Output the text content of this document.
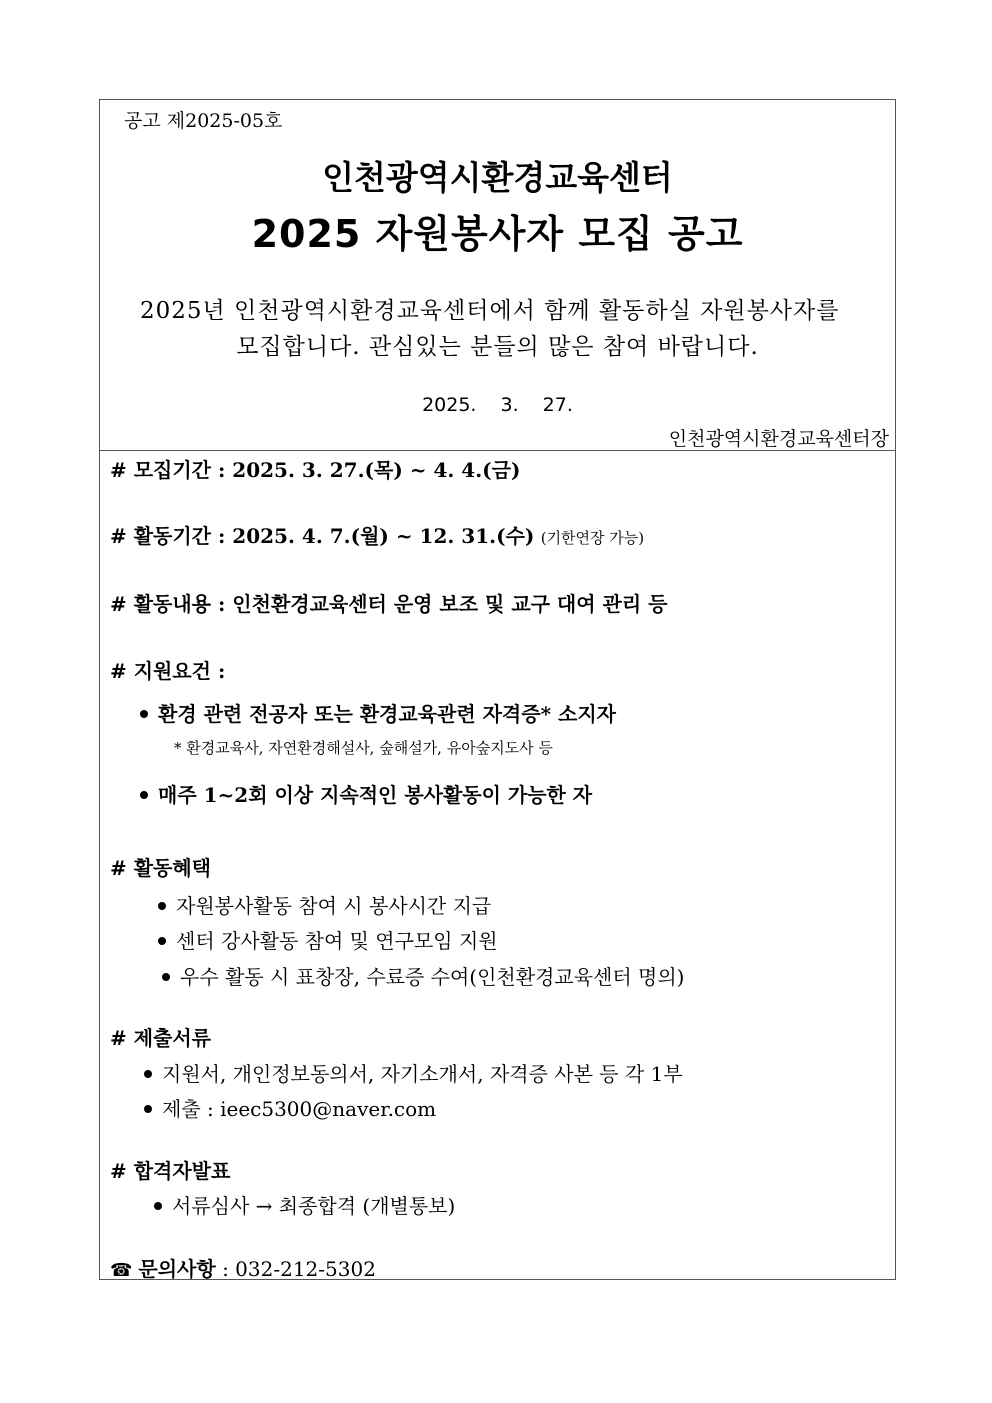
공고 제2025-05호
인천광역시환경교육센터
2025 자원봉사자 모집 공고
2025년 인천광역시환경교육센터에서 함께 활동하실 자원봉사자를
모집합니다. 관심있는 분들의 많은 참여 바랍니다.
2025. 3. 27.
인천광역시환경교육센터장
# 모집기간 : 2025. 3. 27.(목) ~ 4. 4.(금)
# 활동기간 : 2025. 4. 7.(월) ~ 12. 31.(수) (기한연장 가능)
# 활동내용 : 인천환경교육센터 운영 보조 및 교구 대여 관리 등
# 지원요건 :
환경 관련 전공자 또는 환경교육관련 자격증* 소지자
* 환경교육사, 자연환경해설사, 숲해설가, 유아숲지도사 등
매주 1~2회 이상 지속적인 봉사활동이 가능한 자
# 활동혜택
자원봉사활동 참여 시 봉사시간 지급
센터 강사활동 참여 및 연구모임 지원
우수 활동 시 표창장, 수료증 수여(인천환경교육센터 명의)
# 제출서류
지원서, 개인정보동의서, 자기소개서, 자격증 사본 등 각 1부
제출 : ieec5300@naver.com
# 합격자발표
서류심사 → 최종합격 (개별통보)
☎ 문의사항 : 032-212-5302
